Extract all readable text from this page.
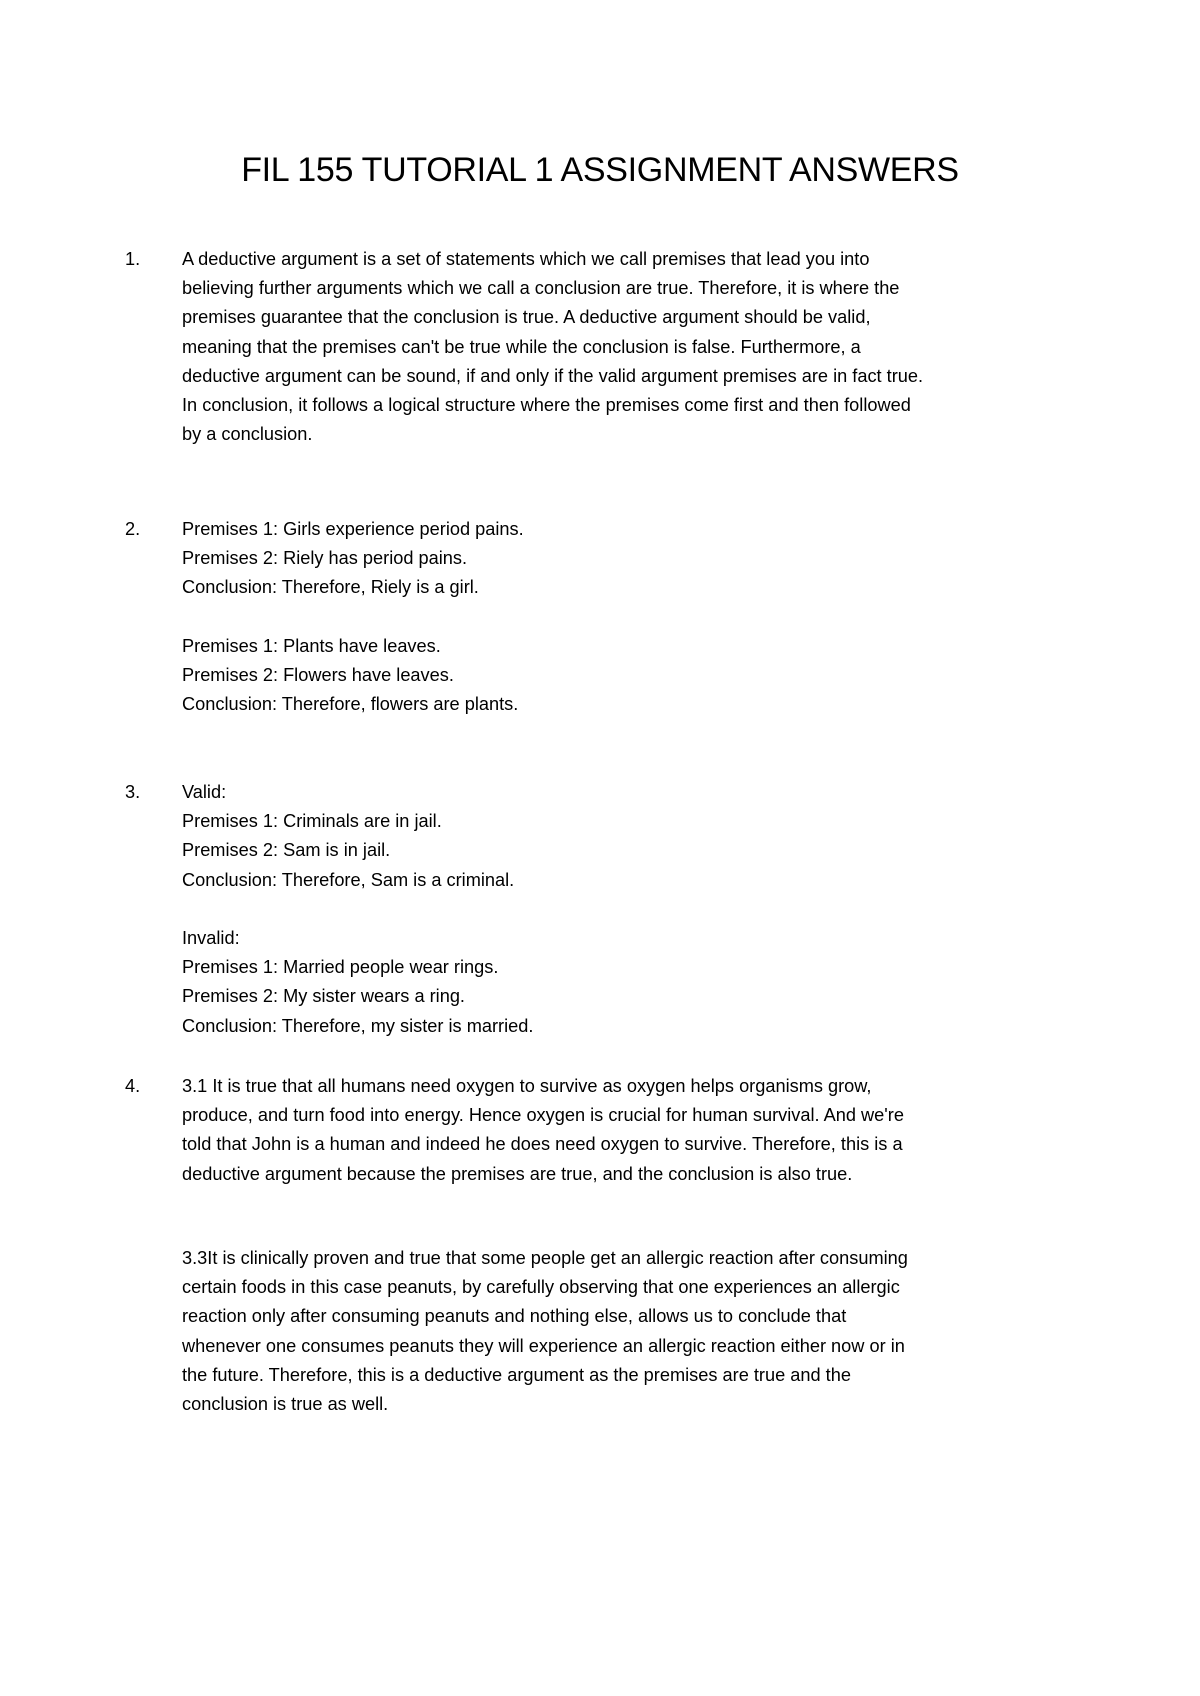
FIL 155 TUTORIAL 1 ASSIGNMENT ANSWERS
1.	A deductive argument is a set of statements which we call premises that lead you into
believing further arguments which we call a conclusion are true. Therefore, it is where the
premises guarantee that the conclusion is true. A deductive argument should be valid,
meaning that the premises can't be true while the conclusion is false. Furthermore, a
deductive argument can be sound, if and only if the valid argument premises are in fact true.
In conclusion, it follows a logical structure where the premises come first and then followed
by a conclusion.
2.	Premises 1: Girls experience period pains.
Premises 2: Riely has period pains.
Conclusion: Therefore, Riely is a girl.
Premises 1: Plants have leaves.
Premises 2: Flowers have leaves.
Conclusion: Therefore, flowers are plants.
3.	Valid:
Premises 1: Criminals are in jail.
Premises 2: Sam is in jail.
Conclusion: Therefore, Sam is a criminal.
Invalid:
Premises 1: Married people wear rings.
Premises 2: My sister wears a ring.
Conclusion: Therefore, my sister is married.
4.	3.1 It is true that all humans need oxygen to survive as oxygen helps organisms grow,
produce, and turn food into energy. Hence oxygen is crucial for human survival. And we're
told that John is a human and indeed he does need oxygen to survive. Therefore, this is a
deductive argument because the premises are true, and the conclusion is also true.
3.3It is clinically proven and true that some people get an allergic reaction after consuming
certain foods in this case peanuts, by carefully observing that one experiences an allergic
reaction only after consuming peanuts and nothing else, allows us to conclude that
whenever one consumes peanuts they will experience an allergic reaction either now or in
the future. Therefore, this is a deductive argument as the premises are true and the
conclusion is true as well.
